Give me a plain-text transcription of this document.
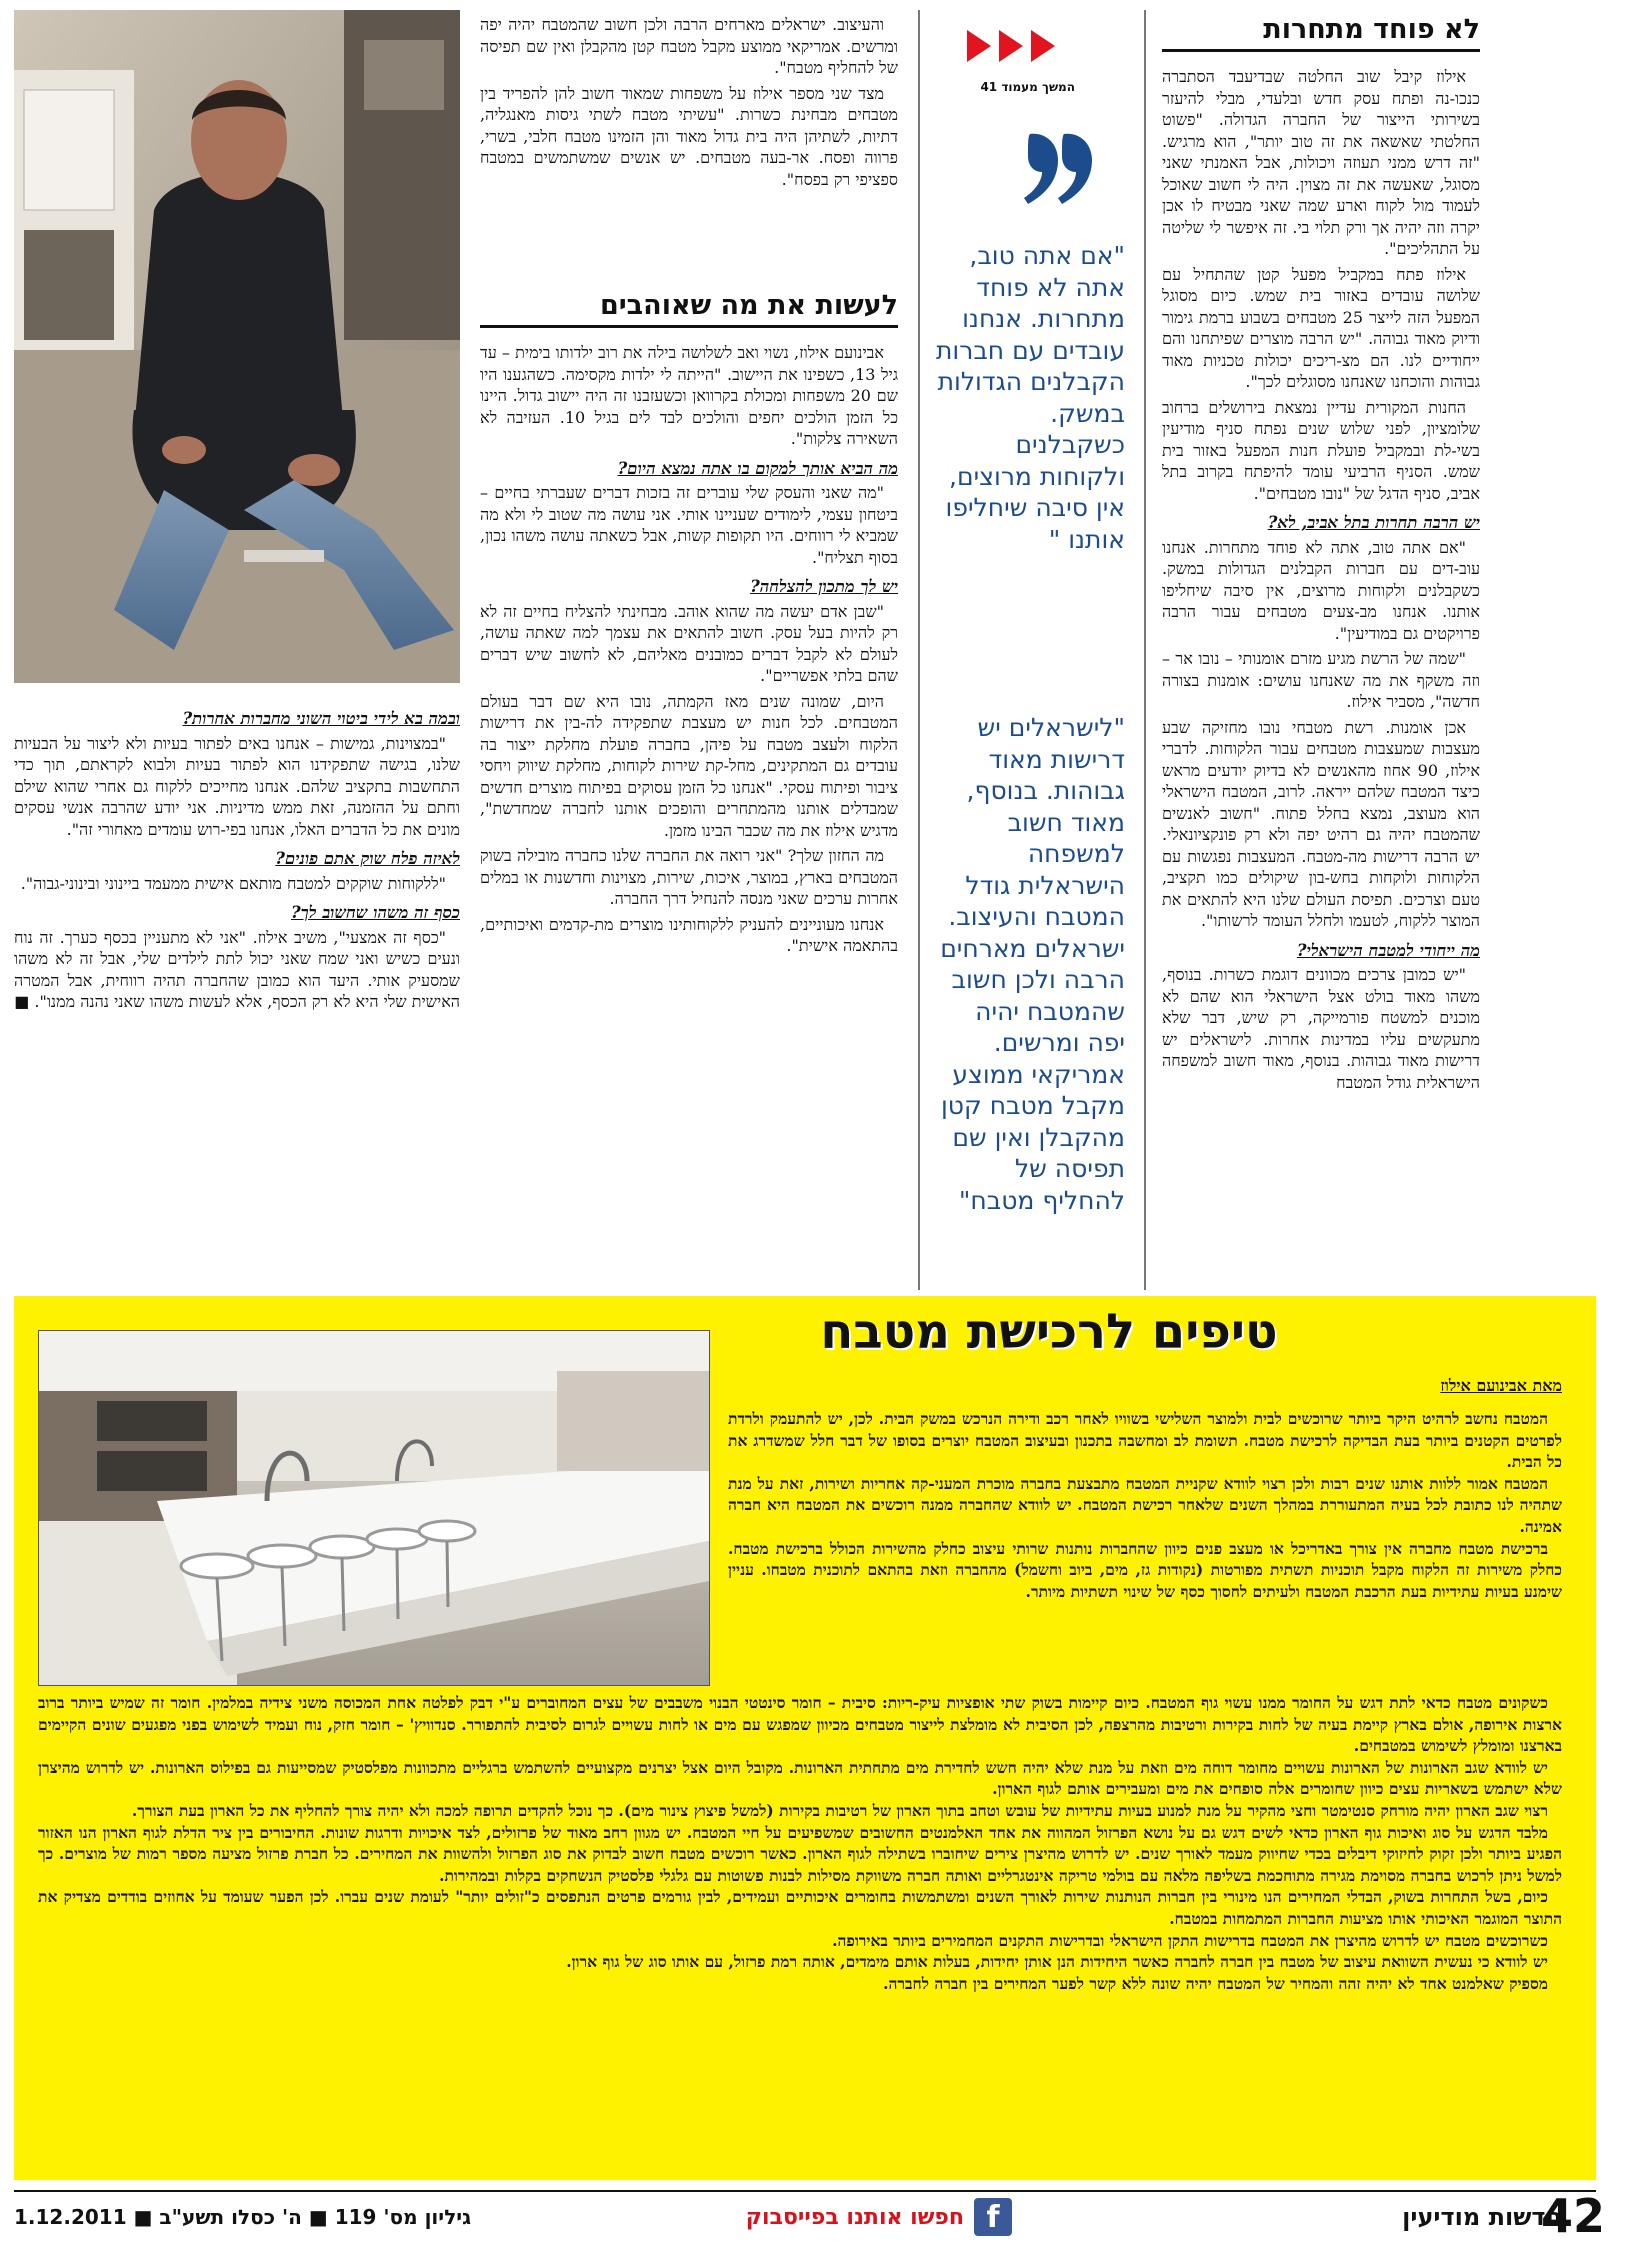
לא פוחד מתחרות

אילוז קיבל שוב החלטה שבדיעבד הסתברה כנכו-נה ופתח עסק חדש ובלעדי, מבלי להיעזר בשירותי הייצור של החברה הגדולה. "פשוט החלטתי שאשאה את זה טוב יותר", הוא מרגיש. "זה דרש ממני תעוזה ויכולות, אבל האמנתי שאני מסוגל, שאעשה את זה מצוין. היה לי חשוב שאוכל לעמוד מול לקוח וארע שמה שאני מבטיח לו אכן יקרה וזה יהיה אך ורק תלוי בי. זה איפשר לי שליטה על התהליכים".

אילוז פתח במקביל מפעל קטן שהתחיל עם שלושה עובדים באזור בית שמש. כיום מסוגל המפעל הזה לייצר 25 מטבחים בשבוע ברמת גימור ודיוק מאוד גבוהה. "יש הרבה מוצרים שפיתחנו והם ייחודיים לנו. הם מצ-ריכים יכולות טכניות מאוד גבוהות והוכחנו שאנחנו מסוגלים לכך".

החנות המקורית עדיין נמצאת בירושלים ברחוב שלומציון, לפני שלוש שנים נפתח סניף מודיעין בשי-לת ובמקביל פועלת חנות המפעל באזור בית שמש. הסניף הרביעי עומד להיפתח בקרוב בתל אביב, סניף הדגל של "נובו מטבחים".

יש הרבה תחרות בתל אביב, לא?

"אם אתה טוב, אתה לא פוחד מתחרות. אנחנו עוב-דים עם חברות הקבלנים הגדולות במשק. כשקבלנים ולקוחות מרוצים, אין סיבה שיחליפו אותנו. אנחנו מב-צעים מטבחים עבור הרבה פרויקטים גם במודיעין".

"שמה של הרשת מגיע מזרם אומנותי – נובו אר – וזה משקף את מה שאנחנו עושים: אומנות בצורה חדשה", מסביר אילוז.

אכן אומנות. רשת מטבחי נובו מחזיקה שבע מעצבות שמעצבות מטבחים עבור הלקוחות. לדברי אילוז, 90 אחוז מהאנשים לא בדיוק יודעים מראש כיצד המטבח שלהם ייראה. לרוב, המטבח הישראלי הוא מעוצב, נמצא בחלל פתוח. "חשוב לאנשים שהמטבח יהיה גם רהיט יפה ולא רק פונקציונאלי. יש הרבה דרישות מה-מטבח. המעצבות נפגשות עם הלקוחות ולוקחות בחש-בון שיקולים כמו תקציב, טעם וצרכים. תפיסת העולם שלנו היא להתאים את המוצר ללקוח, לטעמו ולחלל העומד לרשותו".

מה ייחודי למטבח הישראלי?

"יש כמובן צרכים מכוונים דוגמת כשרות. בנוסף, משהו מאוד בולט אצל הישראלי הוא שהם לא מוכנים למשטח פורמייקה, רק שיש, דבר שלא מתעקשים עליו במדינות אחרות. לישראלים יש דרישות מאוד גבוהות. בנוסף, מאוד חשוב למשפחה הישראלית גודל המטבח

המשך מעמוד 41
"אם אתה טוב, אתה לא פוחד מתחרות. אנחנו עובדים עם חברות הקבלנים הגדולות במשק. כשקבלנים ולקוחות מרוצים, אין סיבה שיחליפו אותנו "
"לישראלים יש דרישות מאוד גבוהות. בנוסף, מאוד חשוב למשפחה הישראלית גודל המטבח והעיצוב. ישראלים מארחים הרבה ולכן חשוב שהמטבח יהיה יפה ומרשים. אמריקאי ממוצע מקבל מטבח קטן מהקבלן ואין שם תפיסה של להחליף מטבח"

והעיצוב. ישראלים מארחים הרבה ולכן חשוב שהמטבח יהיה יפה ומרשים. אמריקאי ממוצע מקבל מטבח קטן מהקבלן ואין שם תפיסה של להחליף מטבח".

מצד שני מספר אילוז על משפחות שמאוד חשוב להן להפריד בין מטבחים מבחינת כשרות. "עשיתי מטבח לשתי גיסות מאנגליה, דתיות, לשתיהן היה בית גדול מאוד והן הזמינו מטבח חלבי, בשרי, פרווה ופסח. אר-בעה מטבחים. יש אנשים שמשתמשים במטבח ספציפי רק בפסח".

לעשות את מה שאוהבים

אבינועם אילוז, נשוי ואב לשלושה בילה את רוב ילדותו בימית – עד גיל 13, כשפינו את היישוב. "הייתה לי ילדות מקסימה. כשהגענו היו שם 20 משפחות ומכולת בקרוואן וכשעזבנו זה היה יישוב גדול. היינו כל הזמן הולכים יחפים והולכים לבד לים בגיל 10. העזיבה לא השאירה צלקות".

מה הביא אותך למקום בו אתה נמצא היום?

"מה שאני והעסק שלי עוברים זה בזכות דברים שעברתי בחיים – ביטחון עצמי, לימודים שעניינו אותי. אני עושה מה שטוב לי ולא מה שמביא לי רווחים. היו תקופות קשות, אבל כשאתה עושה משהו נכון, בסוף תצליח".

יש לך מתכון להצלחה?

"שבן אדם יעשה מה שהוא אוהב. מבחינתי להצליח בחיים זה לא רק להיות בעל עסק. חשוב להתאים את עצמך למה שאתה עושה, לעולם לא לקבל דברים כמובנים מאליהם, לא לחשוב שיש דברים שהם בלתי אפשריים".

היום, שמונה שנים מאז הקמתה, נובו היא שם דבר בעולם המטבחים. לכל חנות יש מעצבת שתפקידה לה-בין את דרישות הלקוח ולעצב מטבח על פיהן, בחברה פועלת מחלקת ייצור בה עובדים גם המתקינים, מחל-קת שירות לקוחות, מחלקת שיווק ויחסי ציבור ופיתוח עסקי. "אנחנו כל הזמן עסוקים בפיתוח מוצרים חדשים שמבדלים אותנו מהמתחרים והופכים אותנו לחברה שמחדשת", מדגיש אילוז את מה שכבר הבינו מזמן.

מה החזון שלך? "אני רואה את החברה שלנו כחברה מובילה בשוק המטבחים בארץ, במוצר, איכות, שירות, מצוינות וחדשנות או במלים אחרות ערכים שאני מנסה להנחיל דרך החברה.

אנחנו מעוניינים להעניק ללקוחותינו מוצרים מת-קדמים ואיכותיים, בהתאמה אישית".

ובמה בא לידי ביטוי השוני מחברות אחרות?

"במצוינות, גמישות – אנחנו באים לפתור בעיות ולא ליצור על הבעיות שלנו, בגישה שתפקידנו הוא לפתור בעיות ולבוא לקראתם, תוך כדי התחשבות בתקציב שלהם. אנחנו מחייכים ללקוח גם אחרי שהוא שילם וחתם על ההזמנה, זאת ממש מדיניות. אני יודע שהרבה אנשי עסקים מונים את כל הדברים האלו, אנחנו בפי-רוש עומדים מאחורי זה".

לאיזה פלח שוק אתם פונים?

"ללקוחות שוקקים למטבח מותאם אישית ממעמד ביינוני ובינוני-גבוה".

כסף זה משהו שחשוב לך?

"כסף זה אמצעי", משיב אילוז. "אני לא מתעניין בכסף כערך. זה נוח ונעים כשיש ואני שמח שאני יכול לתת לילדים שלי, אבל זה לא משהו שמסעיק אותי. היעד הוא כמובן שהחברה תהיה רווחית, אבל המטרה האישית שלי היא לא רק הכסף, אלא לעשות משהו שאני נהנה ממנו". ■

טיפים לרכישת מטבח
מאת אבינועם אילוז

המטבח נחשב לרהיט היקר ביותר שרוכשים לבית ולמוצר השלישי בשוויו לאחר רכב ודירה הנרכש במשק הבית. לכן, יש להתעמק ולרדת לפרטים הקטנים ביותר בעת הבדיקה לרכישת מטבח. תשומת לב ומחשבה בתכנון ובעיצוב המטבח יוצרים בסופו של דבר חלל שמשדרג את כל הבית.

המטבח אמור ללוות אותנו שנים רבות ולכן רצוי לוודא שקניית המטבח מתבצעת בחברה מוכרת המעני-קה אחריות ושירות, זאת על מנת שתהיה לנו כתובת לכל בעיה המתעוררת במהלך השנים שלאחר רכישת המטבח. יש לוודא שהחברה ממנה רוכשים את המטבח היא חברה אמינה.

ברכישת מטבח מחברה אין צורך באדריכל או מעצב פנים כיוון שהחברות נותנות שרותי עיצוב כחלק מהשירות הכולל ברכישת מטבח. כחלק משירות זה הלקוח מקבל תוכניות תשתית מפורטות (נקודות גז, מים, ביוב וחשמל) מהחברה וזאת בהתאם לתוכנית מטבחו. עניין שימנע בעיות עתידיות בעת הרכבת המטבח ולעיתים לחסוך כסף של שינוי תשתיות מיותר.

כשקונים מטבח כדאי לתת דגש על החומר ממנו עשוי גוף המטבח. כיום קיימות בשוק שתי אופציות עיק-ריות: סיבית – חומר סינטטי הבנוי משבבים של עצים המחוברים ע"י דבק לפלטה אחת המכוסה משני צידיה במלמין. חומר זה שמיש ביותר ברוב ארצות אירופה, אולם בארץ קיימת בעיה של לחות בקירות ורטיבות מהרצפה, לכן הסיבית לא מומלצת לייצור מטבחים מכיוון שמפגש עם מים או לחות עשויים לגרום לסיבית להתפורר. סנדוויץ' – חומר חזק, נוח ועמיד לשימוש בפני מפגעים שונים הקיימים בארצנו ומומלץ לשימוש במטבחים.

יש לוודא שגב הארונות של הארונות עשויים מחומר דוחה מים וזאת על מנת שלא יהיה חשש לחדירת מים מתחתית הארונות. מקובל היום אצל יצרנים מקצועיים להשתמש ברגליים מתכוונות מפלסטיק שמסייעות גם בפילוס הארונות. יש לדרוש מהיצרן שלא ישתמש בשאריות עצים כיוון שחומרים אלה סופחים את מים ומעבירים אותם לגוף הארון.

רצוי שגב הארון יהיה מורחק סנטימטר וחצי מהקיר על מנת למנוע בעיות עתידיות של עובש וטחב בתוך הארון של רטיבות בקירות (למשל פיצוץ צינור מים). כך נוכל להקדים תרופה למכה ולא יהיה צורך להחליף את כל הארון בעת הצורך.

מלבד הדגש על סוג ואיכות גוף הארון כדאי לשים דגש גם על נושא הפרזול המהווה את אחד האלמנטים החשובים שמשפיעים על חיי המטבח. יש מגוון רחב מאוד של פרזולים, לצד איכויות ודרגות שונות. החיבורים בין ציר הדלת לגוף הארון הנו האזור הפגיע ביותר ולכן זקוק לחיזוקי דיבלים בכדי שחיווק מעמד לאורך שנים. יש לדרוש מהיצרן צירים שיחוברו בשתילה לגוף הארון. כאשר רוכשים מטבח חשוב לבדוק את סוג הפרזול ולהשוות את המחירים. כל חברת פרזול מציעה מספר רמות של מוצרים. כך למשל ניתן לרכוש בחברה מסוימת מגירה מתוחכמת בשליפה מלאה עם בולמי טריקה אינטגרליים ואותה חברה משווקת מסילות לבנות פשוטות עם גלגלי פלסטיק הנשחקים בקלות ובמהירות.

כיום, בשל התחרות בשוק, הבדלי המחירים הנו מינורי בין חברות הנותנות שירות לאורך השנים ומשתמשות בחומרים איכותיים ועמידים, לבין גורמים פרטים הנתפסים כ"זולים יותר" לעומת שנים עברו. לכן הפער שעומד על אחוזים בודדים מצדיק את התוצר המוגמר האיכותי אותו מציעות החברות המתמחות במטבח.

כשרוכשים מטבח יש לדרוש מהיצרן את המטבח בדרישות התקן הישראלי ובדרישות התקנים המחמירים ביותר באירופה.

יש לוודא כי נעשית השוואת עיצוב של מטבח בין חברה לחברה כאשר היחידות הנן אותן יחידות, בעלות אותם מימדים, אותה רמת פרזול, עם אותו סוג של גוף ארון.

מספיק שאלמנט אחד לא יהיה זהה והמחיר של המטבח יהיה שונה ללא קשר לפער המחירים בין חברה לחברה.

חדשות מודיעין
42
f
חפשו אותנו בפייסבוק
גיליון מס' 119 ■ ה' כסלו תשע"ב ■ 1.12.2011
